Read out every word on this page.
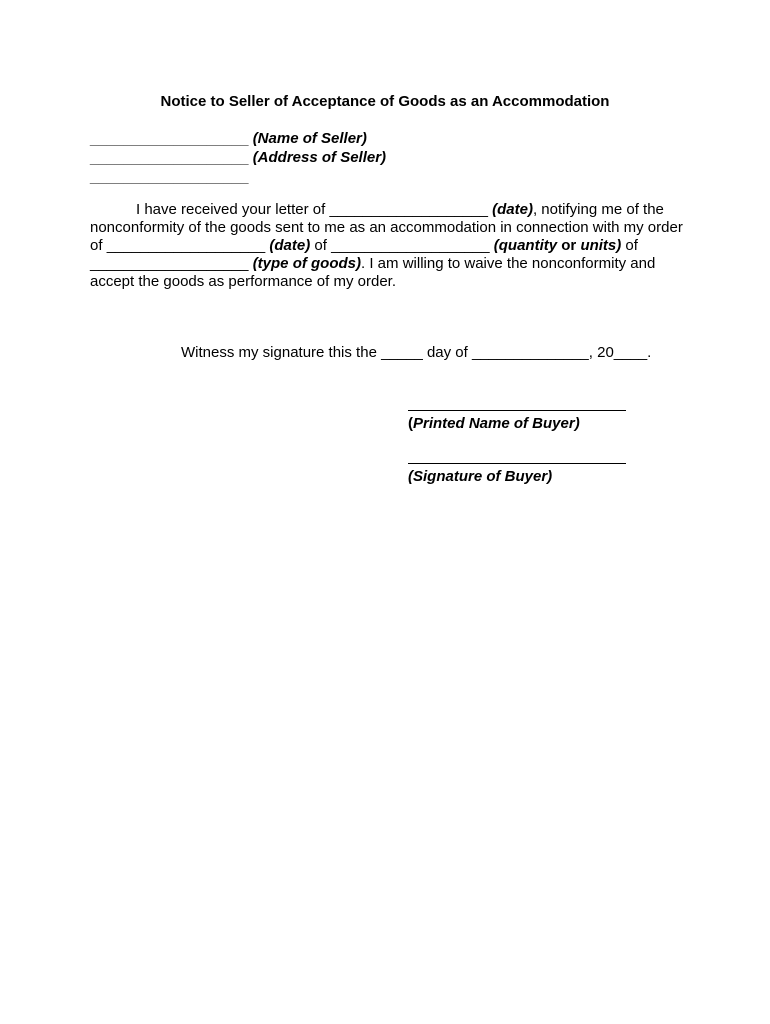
Notice to Seller of Acceptance of Goods as an Accommodation
___________________ (Name of Seller)
___________________ (Address of Seller)
___________________
I have received your letter of ___________________ (date), notifying me of the nonconformity of the goods sent to me as an accommodation in connection with my order of ___________________ (date) of ___________________ (quantity or units) of ___________________ (type of goods). I am willing to waive the nonconformity and accept the goods as performance of my order.
Witness my signature this the _____ day of ______________, 20____.
(Printed Name of Buyer)
(Signature of Buyer)
